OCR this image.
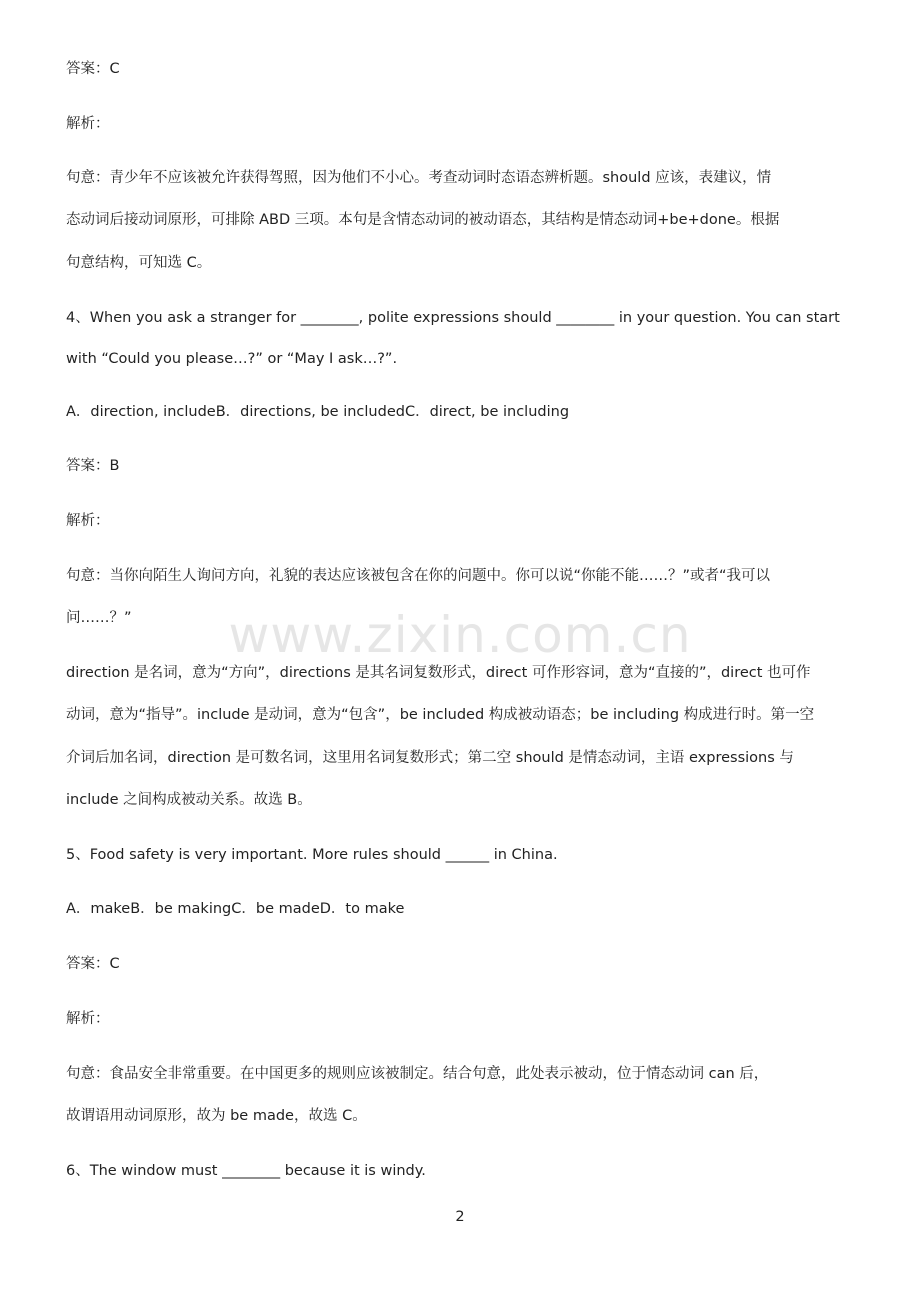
www.zixin.com.cn
答案：C
解析：
句意：青少年不应该被允许获得驾照，因为他们不小心。考查动词时态语态辨析题。should 应该，表建议，情
态动词后接动词原形，可排除 ABD 三项。本句是含情态动词的被动语态，其结构是情态动词+be+done。根据
句意结构，可知选 C。
4、When you ask a stranger for ________, polite expressions should ________ in your question. You can start
with “Could you please…?” or “May I ask…?”.
A．direction, includeB．directions, be includedC．direct, be including
答案：B
解析：
句意：当你向陌生人询问方向，礼貌的表达应该被包含在你的问题中。你可以说“你能不能……？”或者“我可以
问……？”
direction 是名词，意为“方向”，directions 是其名词复数形式，direct 可作形容词，意为“直接的”，direct 也可作
动词，意为“指导”。include 是动词，意为“包含”，be included 构成被动语态；be including 构成进行时。第一空
介词后加名词，direction 是可数名词，这里用名词复数形式；第二空 should 是情态动词，主语 expressions 与
include 之间构成被动关系。故选 B。
5、Food safety is very important. More rules should ______ in China.
A．makeB．be makingC．be madeD．to make
答案：C
解析：
句意：食品安全非常重要。在中国更多的规则应该被制定。结合句意，此处表示被动，位于情态动词 can 后，
故谓语用动词原形，故为 be made，故选 C。
6、The window must ________ because it is windy.
2
